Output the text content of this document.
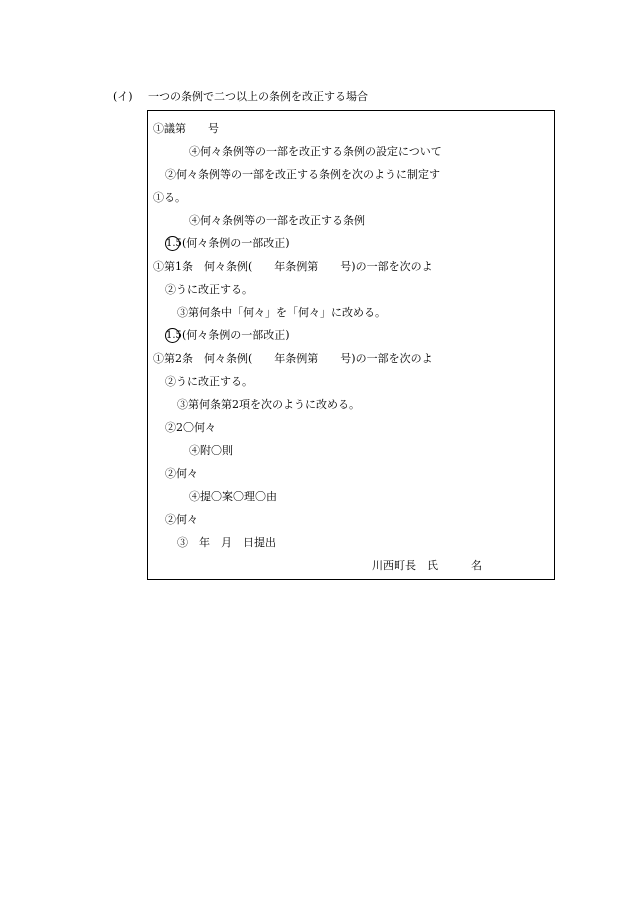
(イ) 一つの条例で二つ以上の条例を改正する場合
①議第　　号
④何々条例等の一部を改正する条例の設定について
②何々条例等の一部を改正する条例を次のように制定す
①る。
④何々条例等の一部を改正する条例
1.5(何々条例の一部改正)
①第1条　何々条例(　　年条例第　　号)の一部を次のよ
②うに改正する。
③第何条中「何々」を「何々」に改める。
1.5(何々条例の一部改正)
①第2条　何々条例(　　年条例第　　号)の一部を次のよ
②うに改正する。
③第何条第2項を次のように改める。
②2〇何々
④附〇則
②何々
④提〇案〇理〇由
②何々
③　年　月　日提出
川西町長　氏　　　名
